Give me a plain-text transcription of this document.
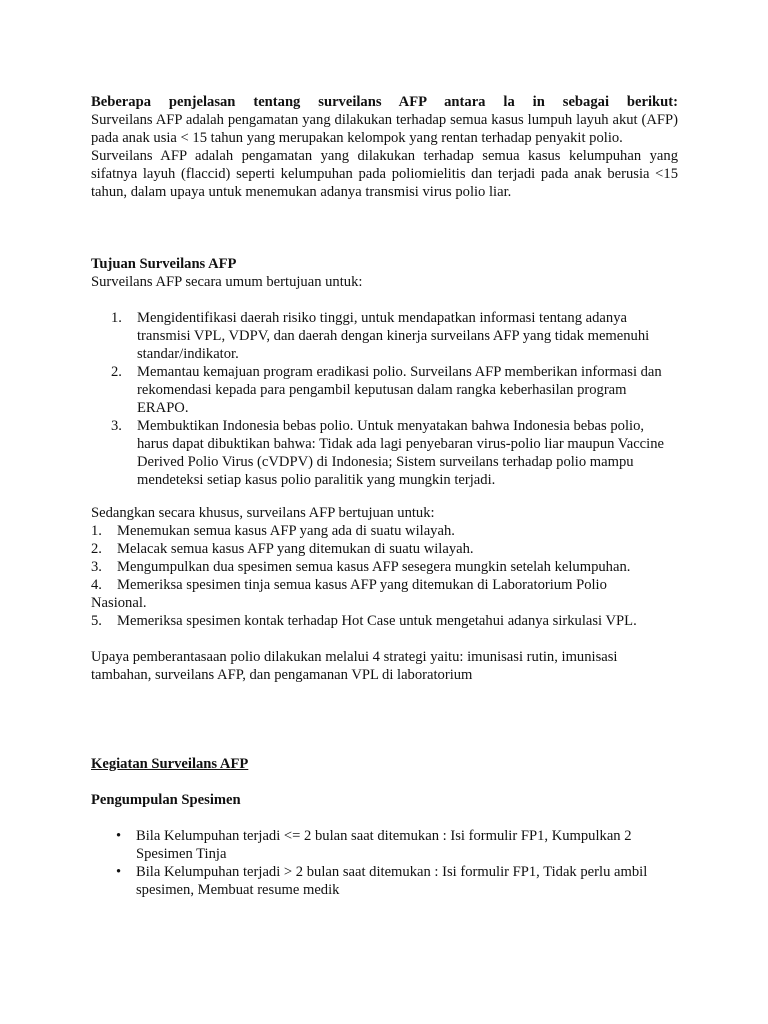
Beberapa penjelasan tentang surveilans AFP antara la in sebagai berikut:

Surveilans AFP adalah pengamatan yang dilakukan terhadap semua kasus lumpuh layuh akut (AFP) pada anak usia < 15 tahun yang merupakan kelompok yang rentan terhadap penyakit polio.

Surveilans AFP adalah pengamatan yang dilakukan terhadap semua kasus kelumpuhan yang sifatnya layuh (flaccid) seperti kelumpuhan pada poliomielitis dan terjadi pada anak berusia <15 tahun, dalam upaya untuk menemukan adanya transmisi virus polio liar.

Tujuan Surveilans AFP

Surveilans AFP secara umum bertujuan untuk:

1. Mengidentifikasi daerah risiko tinggi, untuk mendapatkan informasi tentang adanya transmisi VPL, VDPV, dan daerah dengan kinerja surveilans AFP yang tidak memenuhi standar/indikator.
2. Memantau kemajuan program eradikasi polio. Surveilans AFP memberikan informasi dan rekomendasi kepada para pengambil keputusan dalam rangka keberhasilan program ERAPO.
3. Membuktikan Indonesia bebas polio. Untuk menyatakan bahwa Indonesia bebas polio, harus dapat dibuktikan bahwa: Tidak ada lagi penyebaran virus-polio liar maupun Vaccine Derived Polio Virus (cVDPV) di Indonesia; Sistem surveilans terhadap polio mampu mendeteksi setiap kasus polio paralitik yang mungkin terjadi.

Sedangkan secara khusus, surveilans AFP bertujuan untuk:

1. Menemukan semua kasus AFP yang ada di suatu wilayah.
2. Melacak semua kasus AFP yang ditemukan di suatu wilayah.
3. Mengumpulkan dua spesimen semua kasus AFP sesegera mungkin setelah kelumpuhan.
4. Memeriksa spesimen tinja semua kasus AFP yang ditemukan di Laboratorium Polio

Nasional.

5. Memeriksa spesimen kontak terhadap Hot Case untuk mengetahui adanya sirkulasi VPL.

Upaya pemberantasaan polio dilakukan melalui 4 strategi yaitu: imunisasi rutin, imunisasi tambahan, surveilans AFP, dan pengamanan VPL di laboratorium

Kegiatan Surveilans AFP

Pengumpulan Spesimen

• Bila Kelumpuhan terjadi <= 2 bulan saat ditemukan : Isi formulir FP1, Kumpulkan 2 Spesimen Tinja
• Bila Kelumpuhan terjadi > 2 bulan saat ditemukan : Isi formulir FP1, Tidak perlu ambil spesimen, Membuat resume medik
